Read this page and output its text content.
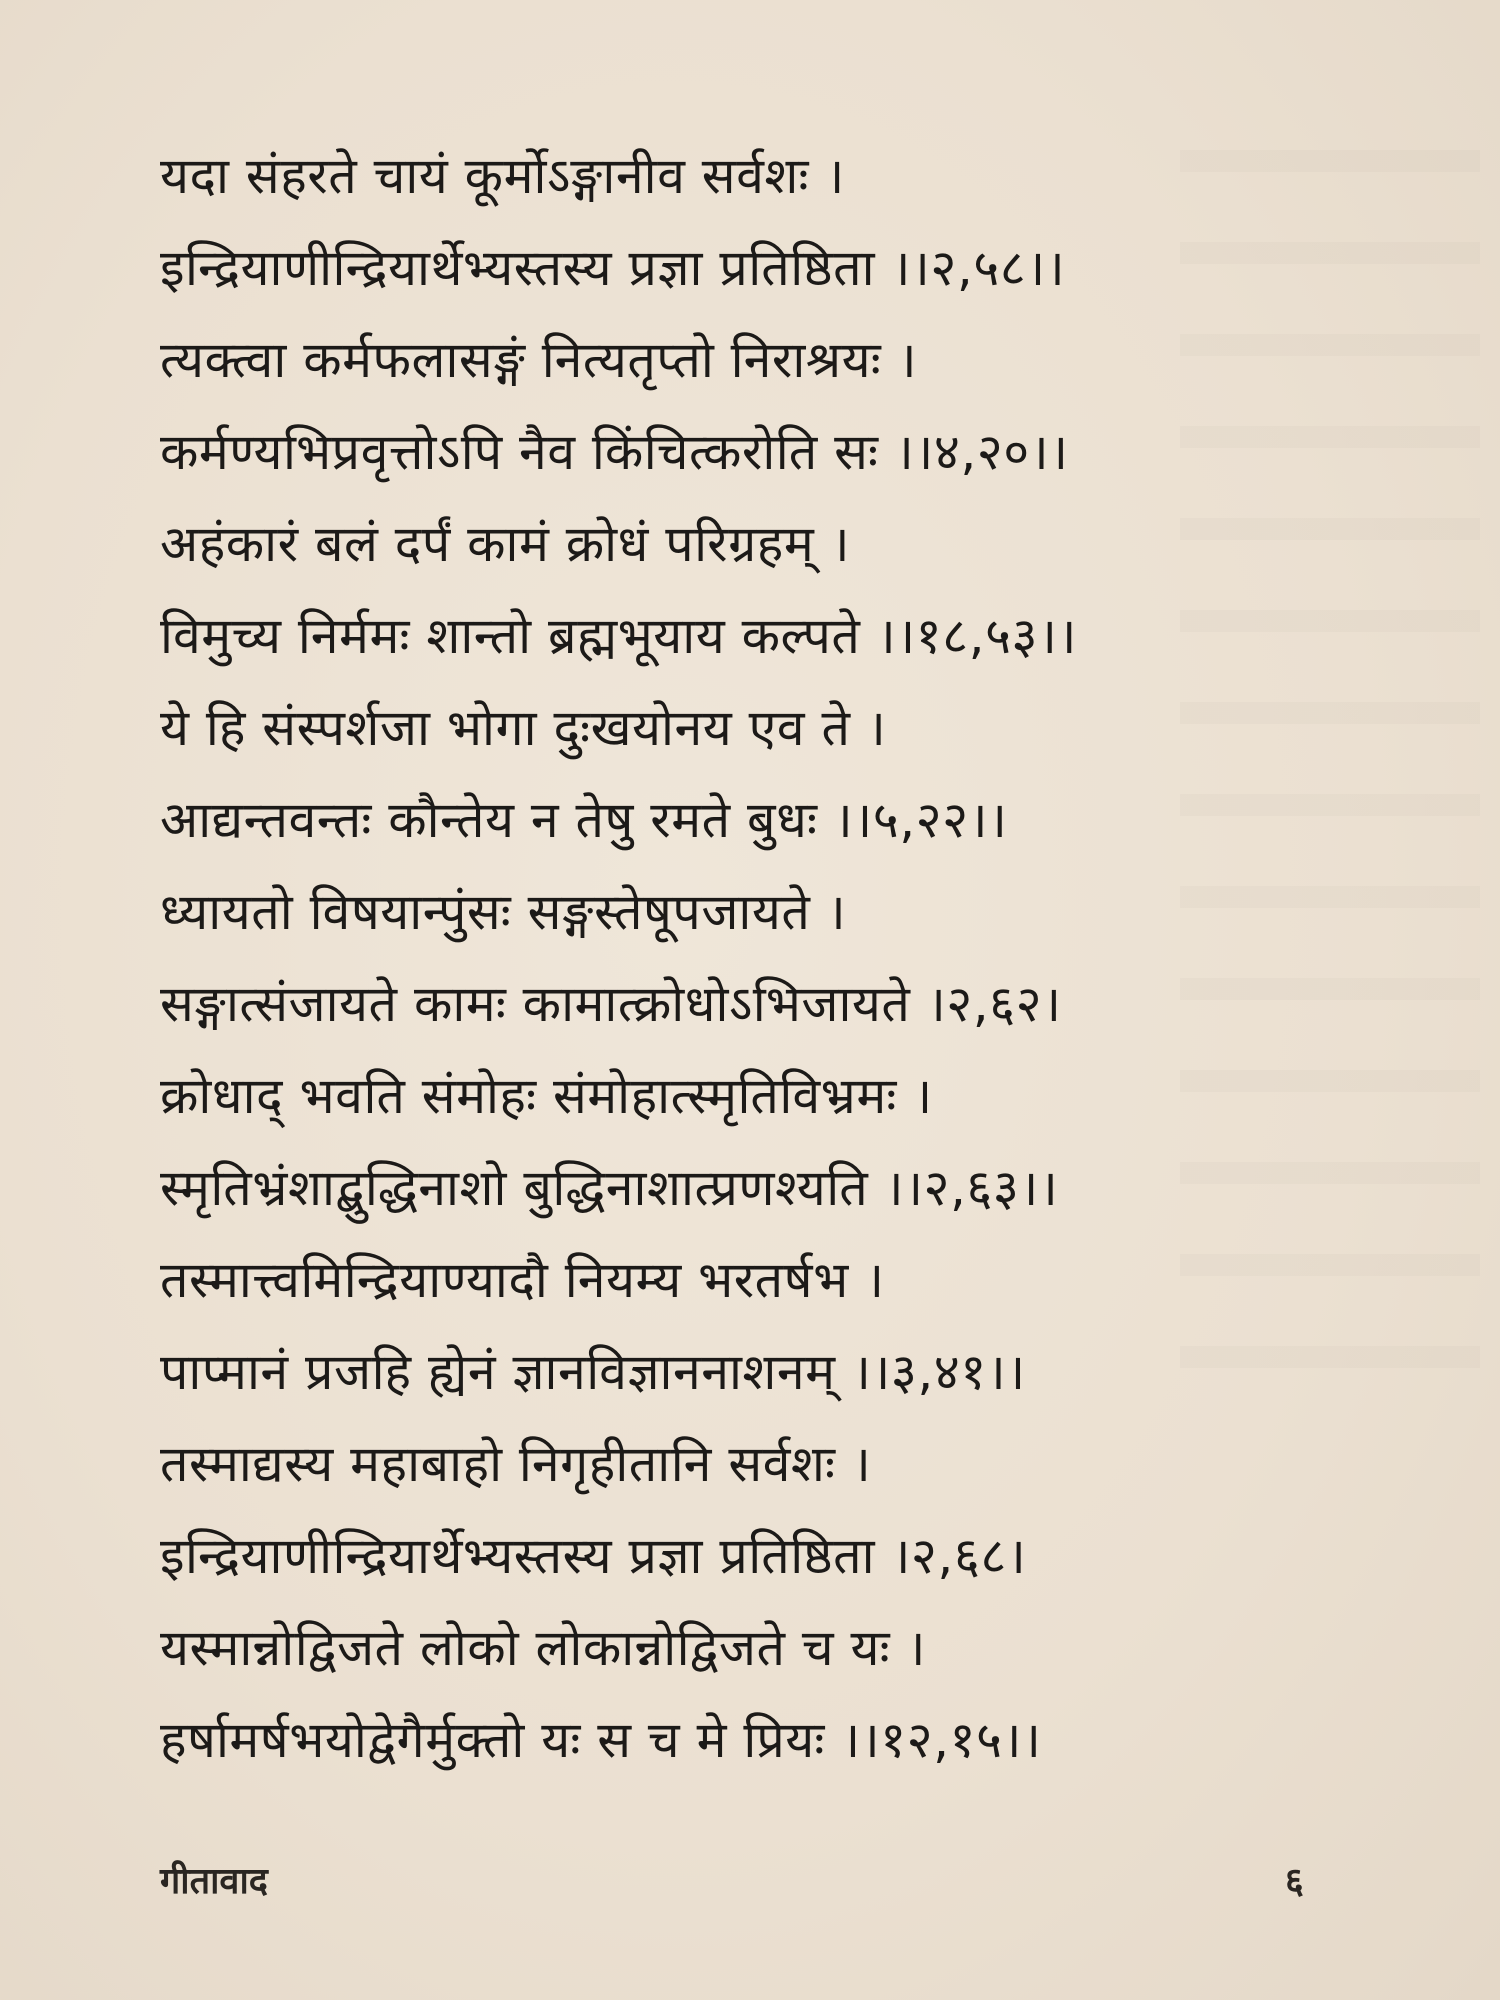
यदा संहरते चायं कूर्मोऽङ्गानीव सर्वशः ।
इन्द्रियाणीन्द्रियार्थेभ्यस्तस्य प्रज्ञा प्रतिष्ठिता ।।२,५८।।
त्यक्त्वा कर्मफलासङ्गं नित्यतृप्तो निराश्रयः ।
कर्मण्यभिप्रवृत्तोऽपि नैव किंचित्करोति सः ।।४,२०।।
अहंकारं बलं दर्पं कामं क्रोधं परिग्रहम् ।
विमुच्य निर्ममः शान्तो ब्रह्मभूयाय कल्पते ।।१८,५३।।
ये हि संस्पर्शजा भोगा दुःखयोनय एव ते ।
आद्यन्तवन्तः कौन्तेय न तेषु रमते बुधः ।।५,२२।।
ध्यायतो विषयान्पुंसः सङ्गस्तेषूपजायते ।
सङ्गात्संजायते कामः कामात्क्रोधोऽभिजायते ।२,६२।
क्रोधाद् भवति संमोहः संमोहात्स्मृतिविभ्रमः ।
स्मृतिभ्रंशाद्बुद्धिनाशो बुद्धिनाशात्प्रणश्यति ।।२,६३।।
तस्मात्त्वमिन्द्रियाण्यादौ नियम्य भरतर्षभ ।
पाप्मानं प्रजहि ह्येनं ज्ञानविज्ञाननाशनम् ।।३,४१।।
तस्माद्यस्य महाबाहो निगृहीतानि सर्वशः ।
इन्द्रियाणीन्द्रियार्थेभ्यस्तस्य प्रज्ञा प्रतिष्ठिता ।२,६८।
यस्मान्नोद्विजते लोको लोकान्नोद्विजते च यः ।
हर्षामर्षभयोद्वेगैर्मुक्तो यः स च मे प्रियः ।।१२,१५।।
गीतावाद	६
